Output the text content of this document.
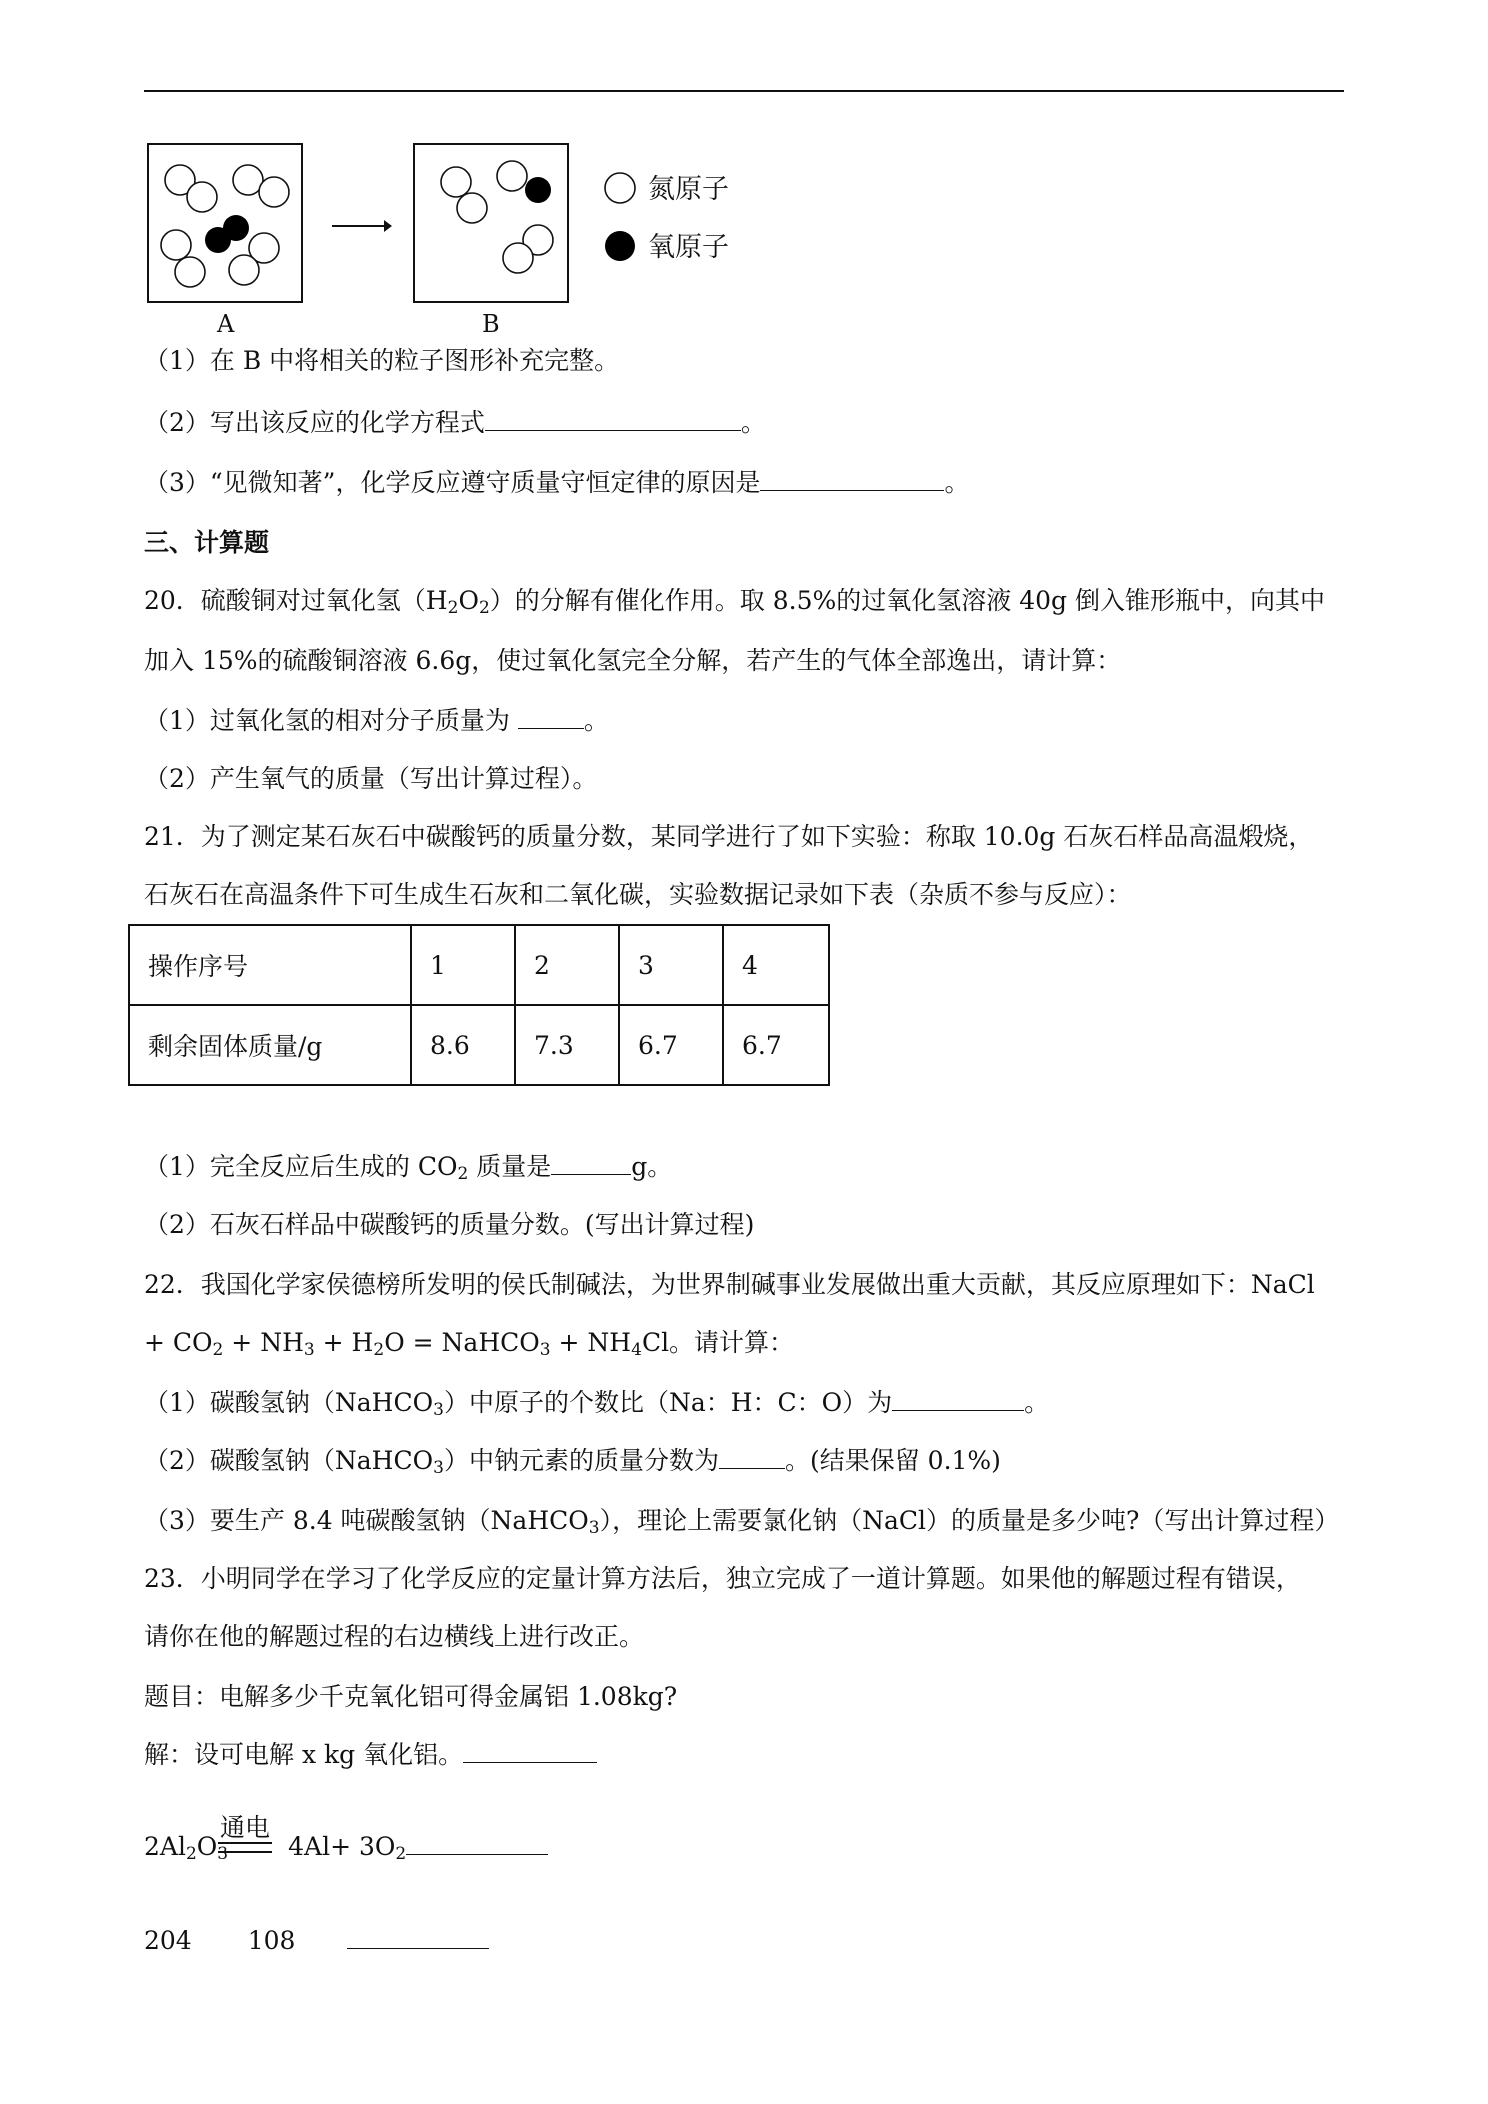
氮原子
氧原子
A	B
（1）在 B 中将相关的粒子图形补充完整。
（2）写出该反应的化学方程式	。
（3）“见微知著”，化学反应遵守质量守恒定律的原因是	。
三、计算题
20．硫酸铜对过氧化氢$(H_2O_2)$的分解有催化作用。取 8.5%的过氧化氢溶液 40g 倒入锥形瓶中，向其中
加入 15%的硫酸铜溶液 6.6g，使过氧化氢完全分解，若产生的气体全部逸出，请计算：
（1）过氧化氢的相对分子质量为	。
（2）产生氧气的质量（写出计算过程）。
21．为了测定某石灰石中碳酸钙的质量分数，某同学进行了如下实验：称取 10.0g 石灰石样品高温煅烧，
石灰石在高温条件下可生成生石灰和二氧化碳，实验数据记录如下表（杂质不参与反应）：
操作序号	1	2	3	4
剩余固体质量/g	8.6	7.3	6.7	6.7
（1）完全反应后生成的 $CO_2$ 质量是	g。
（2）石灰石样品中碳酸钙的质量分数。(写出计算过程)
22．我国化学家侯德榜所发明的侯氏制碱法，为世界制碱事业发展做出重大贡献，其反应原理如下：NaCl
+ $CO_2 + NH_3 + H_2O$ = NaHCO$_3$ + $NH_4Cl$。请计算：
（1）碳酸氢钠（NaHCO$_3$）中原子的个数比（Na：H：C：O）为	。
（2）碳酸氢钠（NaHCO$_3$）中钠元素的质量分数为	。(结果保留 0.1%)
（3）要生产 8.4 吨碳酸氢钠（NaHCO$_3$），理论上需要氯化钠（NaCl）的质量是多少吨?（写出计算过程）
23．小明同学在学习了化学反应的定量计算方法后，独立完成了一道计算题。如果他的解题过程有错误，
请你在他的解题过程的右边横线上进行改正。
题目：电解多少千克氧化铝可得金属铝 1.08kg?
解：设可电解 x kg 氧化铝。
通电
$2Al_2O_3$ $4Al+ 3O_2$
204 108
